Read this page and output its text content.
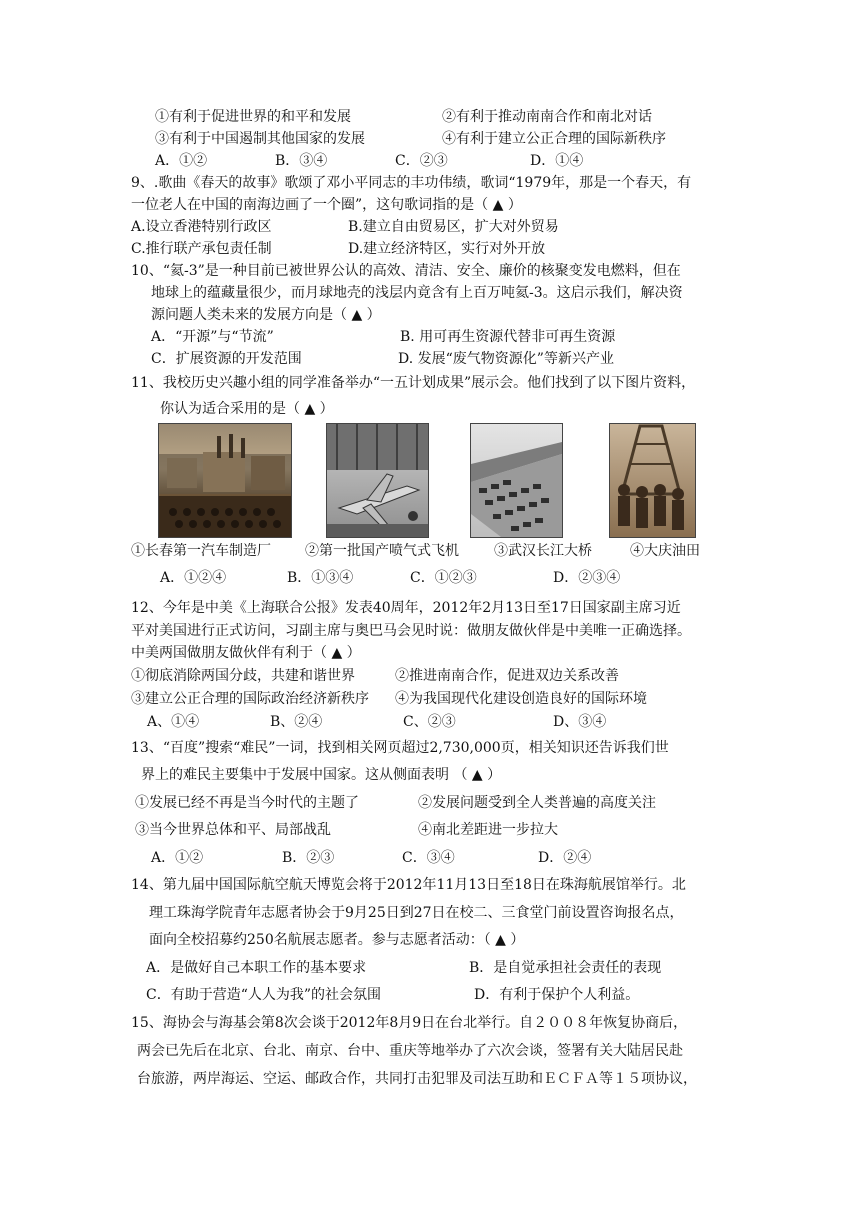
①有利于促进世界的和平和发展	②有利于推动南南合作和南北对话
③有利于中国遏制其他国家的发展	④有利于建立公正合理的国际新秩序
A．①②	B．③④	C．②③	D．①④
9、.歌曲《春天的故事》歌颂了邓小平同志的丰功伟绩，歌词“1979年，那是一个春天，有
一位老人在中国的南海边画了一个圈”，这句歌词指的是（ ▲ ）
A.设立香港特别行政区	B.建立自由贸易区，扩大对外贸易
C.推行联产承包责任制	D.建立经济特区，实行对外开放
10、“氦-3”是一种目前已被世界公认的高效、清洁、安全、廉价的核聚变发电燃料，但在
地球上的蕴藏量很少，而月球地壳的浅层内竟含有上百万吨氦-3。这启示我们，解决资
源问题人类未来的发展方向是（ ▲ ）
A．“开源”与“节流”	B. 用可再生资源代替非可再生资源
C．扩展资源的开发范围	D. 发展“废气物资源化”等新兴产业
11、我校历史兴趣小组的同学准备举办“一五计划成果”展示会。他们找到了以下图片资料，
你认为适合采用的是（ ▲ ）
①长春第一汽车制造厂 ②第一批国产喷气式飞机	③武汉长江大桥	④大庆油田
A．①②④	B．①③④	C．①②③	D．②③④
12、今年是中美《上海联合公报》发表40周年，2012年2月13日至17日国家副主席习近
平对美国进行正式访问，习副主席与奥巴马会见时说：做朋友做伙伴是中美唯一正确选择。
中美两国做朋友做伙伴有利于（ ▲ ）
①彻底消除两国分歧，共建和谐世界	②推进南南合作，促进双边关系改善
③建立公正合理的国际政治经济新秩序 ④为我国现代化建设创造良好的国际环境
A、①④	B、②④	C、②③	D、③④
13、“百度”搜索“难民”一词，找到相关网页超过2,730,000页，相关知识还告诉我们世
界上的难民主要集中于发展中国家。这从侧面表明 （ ▲ ）
①发展已经不再是当今时代的主题了	②发展问题受到全人类普遍的高度关注
③当今世界总体和平、局部战乱	④南北差距进一步拉大
A．①②	B．②③	C．③④	D．②④
14、第九届中国国际航空航天博览会将于2012年11月13日至18日在珠海航展馆举行。北
理工珠海学院青年志愿者协会于9月25日到27日在校二、三食堂门前设置咨询报名点，
面向全校招募约250名航展志愿者。参与志愿者活动：（ ▲ ）
A．是做好自己本职工作的基本要求	B．是自觉承担社会责任的表现
C．有助于营造“人人为我”的社会氛围	D．有利于保护个人利益。
15、海协会与海基会第8次会谈于2012年8月9日在台北举行。自２００８年恢复协商后，
两会已先后在北京、台北、南京、台中、重庆等地举办了六次会谈，签署有关大陆居民赴
台旅游，两岸海运、空运、邮政合作，共同打击犯罪及司法互助和ＥＣＦＡ等１５项协议，
